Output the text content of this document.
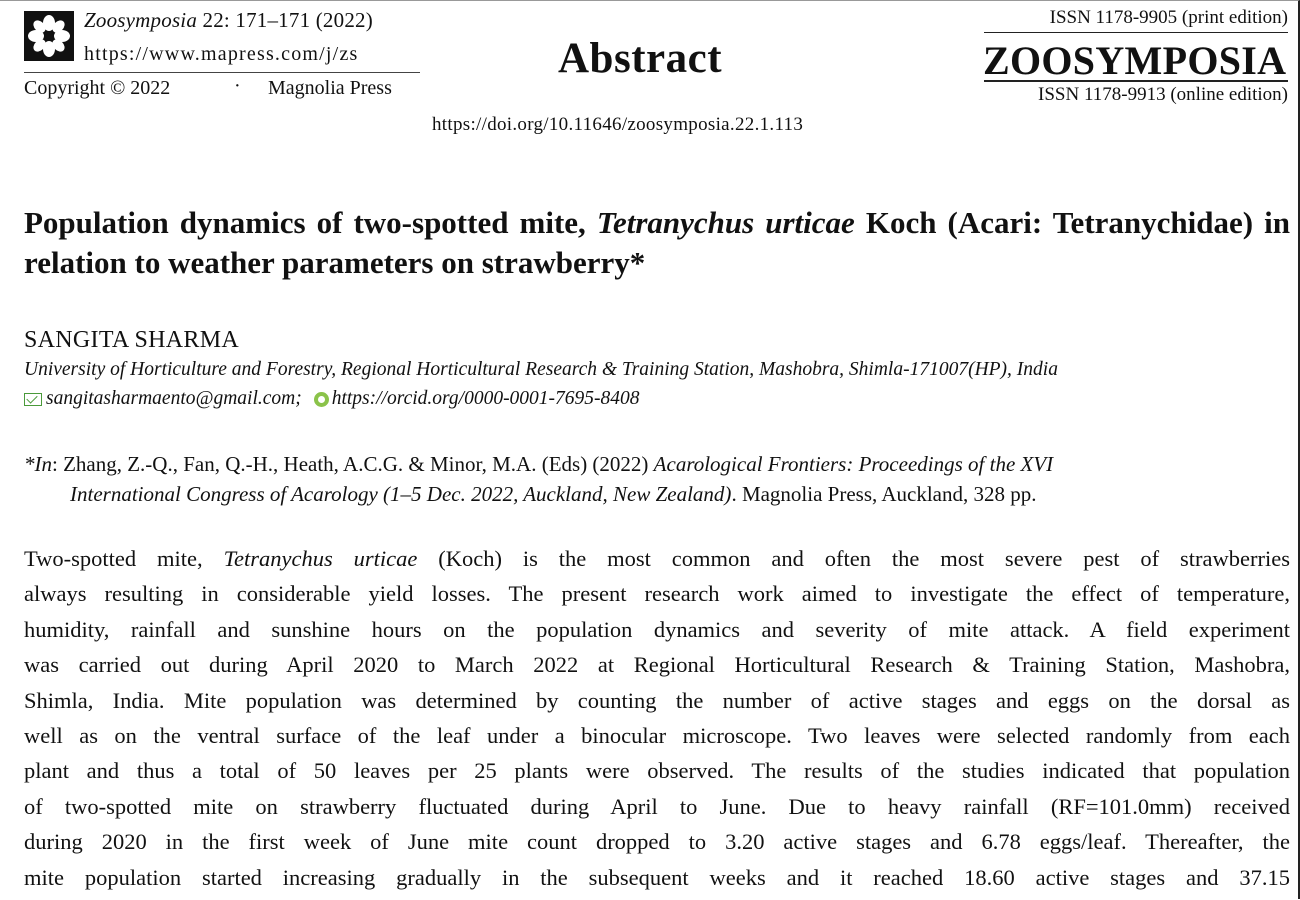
Zoosymposia 22: 171–171 (2022)
https://www.mapress.com/j/zs
Copyright © 2022	· Magnolia Press
Abstract
https://doi.org/10.11646/zoosymposia.22.1.113
ISSN 1178-9905 (print edition)
ZOOSYMPOSIA
ISSN 1178-9913 (online edition)
Population dynamics of two-spotted mite, Tetranychus urticae Koch (Acari: Tetranychidae) in relation to weather parameters on strawberry*
SANGITA SHARMA
University of Horticulture and Forestry, Regional Horticultural Research & Training Station, Mashobra, Shimla-171007(HP), India
sangitasharmaento@gmail.com; https://orcid.org/0000-0001-7695-8408
*In: Zhang, Z.-Q., Fan, Q.-H., Heath, A.C.G. & Minor, M.A. (Eds) (2022) Acarological Frontiers: Proceedings of the XVI
International Congress of Acarology (1–5 Dec. 2022, Auckland, New Zealand). Magnolia Press, Auckland, 328 pp.
Two-spotted mite, Tetranychus urticae (Koch) is the most common and often the most severe pest of strawberries
always resulting in considerable yield losses. The present research work aimed to investigate the effect of temperature,
humidity, rainfall and sunshine hours on the population dynamics and severity of mite attack. A field experiment
was carried out during April 2020 to March 2022 at Regional Horticultural Research & Training Station, Mashobra,
Shimla, India. Mite population was determined by counting the number of active stages and eggs on the dorsal as
well as on the ventral surface of the leaf under a binocular microscope. Two leaves were selected randomly from each
plant and thus a total of 50 leaves per 25 plants were observed. The results of the studies indicated that population
of two-spotted mite on strawberry fluctuated during April to June. Due to heavy rainfall (RF=101.0mm) received
during 2020 in the first week of June mite count dropped to 3.20 active stages and 6.78 eggs/leaf. Thereafter, the
mite population started increasing gradually in the subsequent weeks and it reached 18.60 active stages and 37.15
